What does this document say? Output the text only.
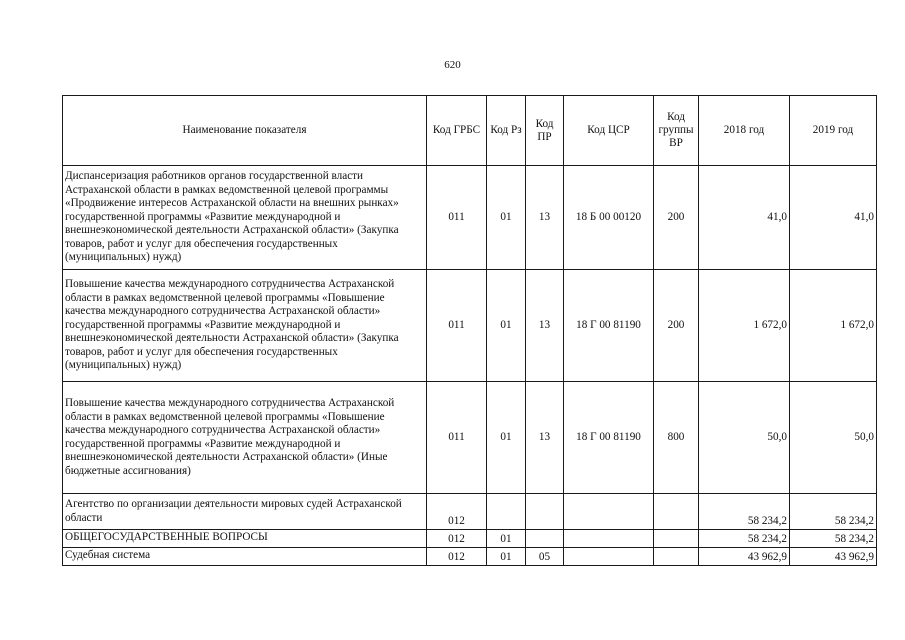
620
Наименование показателя	Код ГРБС	Код Рз	Код ПР	Код ЦСР	Код группы ВР	2018 год	2019 год
Диспансеризация работников органов государственной власти Астраханской области в рамках ведомственной целевой программы «Продвижение интересов Астраханской области на внешних рынках» государственной программы «Развитие международной и внешнеэкономической деятельности Астраханской области» (Закупка товаров, работ и услуг для обеспечения государственных (муниципальных) нужд)	011	01	13	18 Б 00 00120	200	41,0	41,0
Повышение качества международного сотрудничества Астраханской области в рамках ведомственной целевой программы «Повышение качества международного сотрудничества Астраханской области» государственной программы «Развитие международной и внешнеэкономической деятельности Астраханской области» (Закупка товаров, работ и услуг для обеспечения государственных (муниципальных) нужд)	011	01	13	18 Г 00 81190	200	1 672,0	1 672,0
Повышение качества международного сотрудничества Астраханской области в рамках ведомственной целевой программы «Повышение качества международного сотрудничества Астраханской области» государственной программы «Развитие международной и внешнеэкономической деятельности Астраханской области» (Иные бюджетные ассигнования)	011	01	13	18 Г 00 81190	800	50,0	50,0
Агентство по организации деятельности мировых судей Астраханской области	012					58 234,2	58 234,2
ОБЩЕГОСУДАРСТВЕННЫЕ ВОПРОСЫ	012	01				58 234,2	58 234,2
Судебная система	012	01	05			43 962,9	43 962,9
